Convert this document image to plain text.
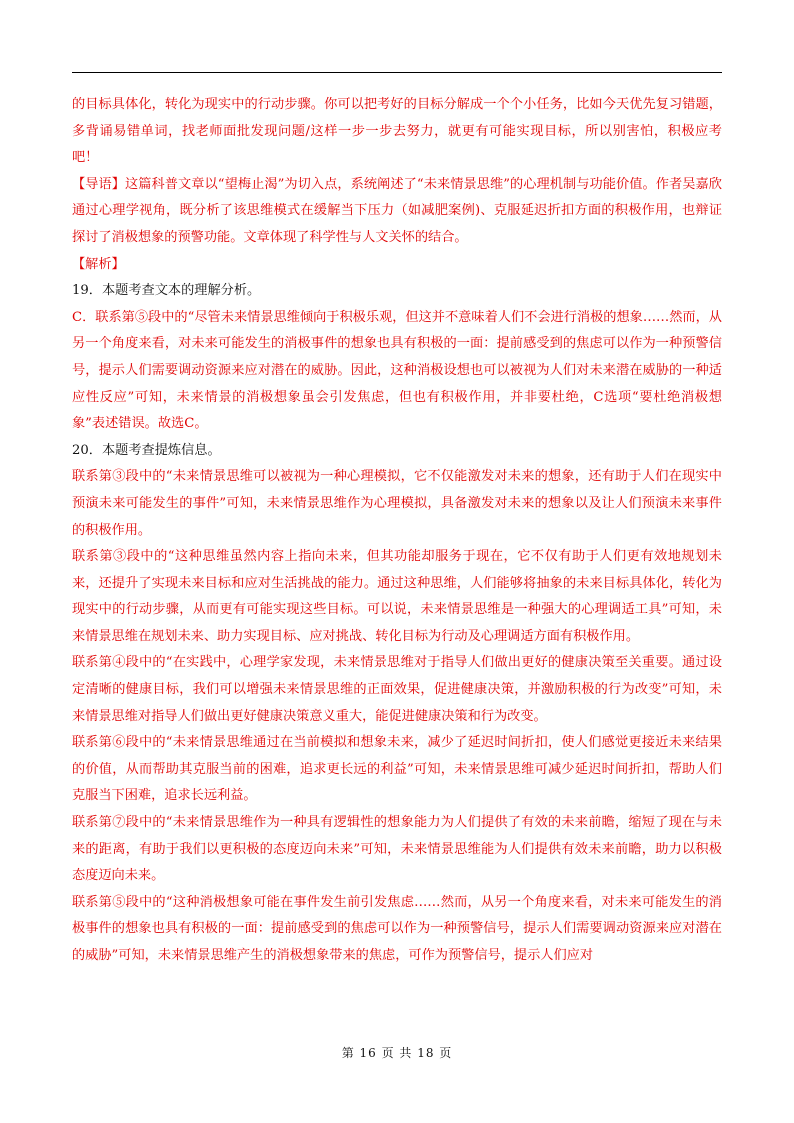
的目标具体化，转化为现实中的行动步骤。你可以把考好的目标分解成一个个小任务，比如今天优先复习错题，多背诵易错单词，找老师面批发现问题/这样一步一步去努力，就更有可能实现目标，所以别害怕，积极应考吧！

【导语】这篇科普文章以“望梅止渴”为切入点，系统阐述了“未来情景思维”的心理机制与功能价值。作者吴嘉欣通过心理学视角，既分析了该思维模式在缓解当下压力（如减肥案例)、克服延迟折扣方面的积极作用，也辩证探讨了消极想象的预警功能。文章体现了科学性与人文关怀的结合。

【解析】

19．本题考查文本的理解分析。

C．联系第⑤段中的“尽管未来情景思维倾向于积极乐观，但这并不意味着人们不会进行消极的想象……然而，从另一个角度来看，对未来可能发生的消极事件的想象也具有积极的一面：提前感受到的焦虑可以作为一种预警信号，提示人们需要调动资源来应对潜在的威胁。因此，这种消极设想也可以被视为人们对未来潜在威胁的一种适应性反应”可知，未来情景的消极想象虽会引发焦虑，但也有积极作用，并非要杜绝，C选项“要杜绝消极想象”表述错误。故选C。

20．本题考查提炼信息。

联系第③段中的“未来情景思维可以被视为一种心理模拟，它不仅能激发对未来的想象，还有助于人们在现实中预演未来可能发生的事件”可知，未来情景思维作为心理模拟，具备激发对未来的想象以及让人们预演未来事件的积极作用。

联系第③段中的“这种思维虽然内容上指向未来，但其功能却服务于现在，它不仅有助于人们更有效地规划未来，还提升了实现未来目标和应对生活挑战的能力。通过这种思维，人们能够将抽象的未来目标具体化，转化为现实中的行动步骤，从而更有可能实现这些目标。可以说，未来情景思维是一种强大的心理调适工具”可知，未来情景思维在规划未来、助力实现目标、应对挑战、转化目标为行动及心理调适方面有积极作用。

联系第④段中的“在实践中，心理学家发现，未来情景思维对于指导人们做出更好的健康决策至关重要。通过设定清晰的健康目标，我们可以增强未来情景思维的正面效果，促进健康决策，并激励积极的行为改变”可知，未来情景思维对指导人们做出更好健康决策意义重大，能促进健康决策和行为改变。

联系第⑥段中的“未来情景思维通过在当前模拟和想象未来，减少了延迟时间折扣，使人们感觉更接近未来结果的价值，从而帮助其克服当前的困难，追求更长远的利益”可知，未来情景思维可减少延迟时间折扣，帮助人们克服当下困难，追求长远利益。

联系第⑦段中的“未来情景思维作为一种具有逻辑性的想象能力为人们提供了有效的未来前瞻，缩短了现在与未来的距离，有助于我们以更积极的态度迈向未来”可知，未来情景思维能为人们提供有效未来前瞻，助力以积极态度迈向未来。

联系第⑤段中的“这种消极想象可能在事件发生前引发焦虑……然而，从另一个角度来看，对未来可能发生的消极事件的想象也具有积极的一面：提前感受到的焦虑可以作为一种预警信号，提示人们需要调动资源来应对潜在的威胁”可知，未来情景思维产生的消极想象带来的焦虑，可作为预警信号，提示人们应对

第 16 页 共 18 页
